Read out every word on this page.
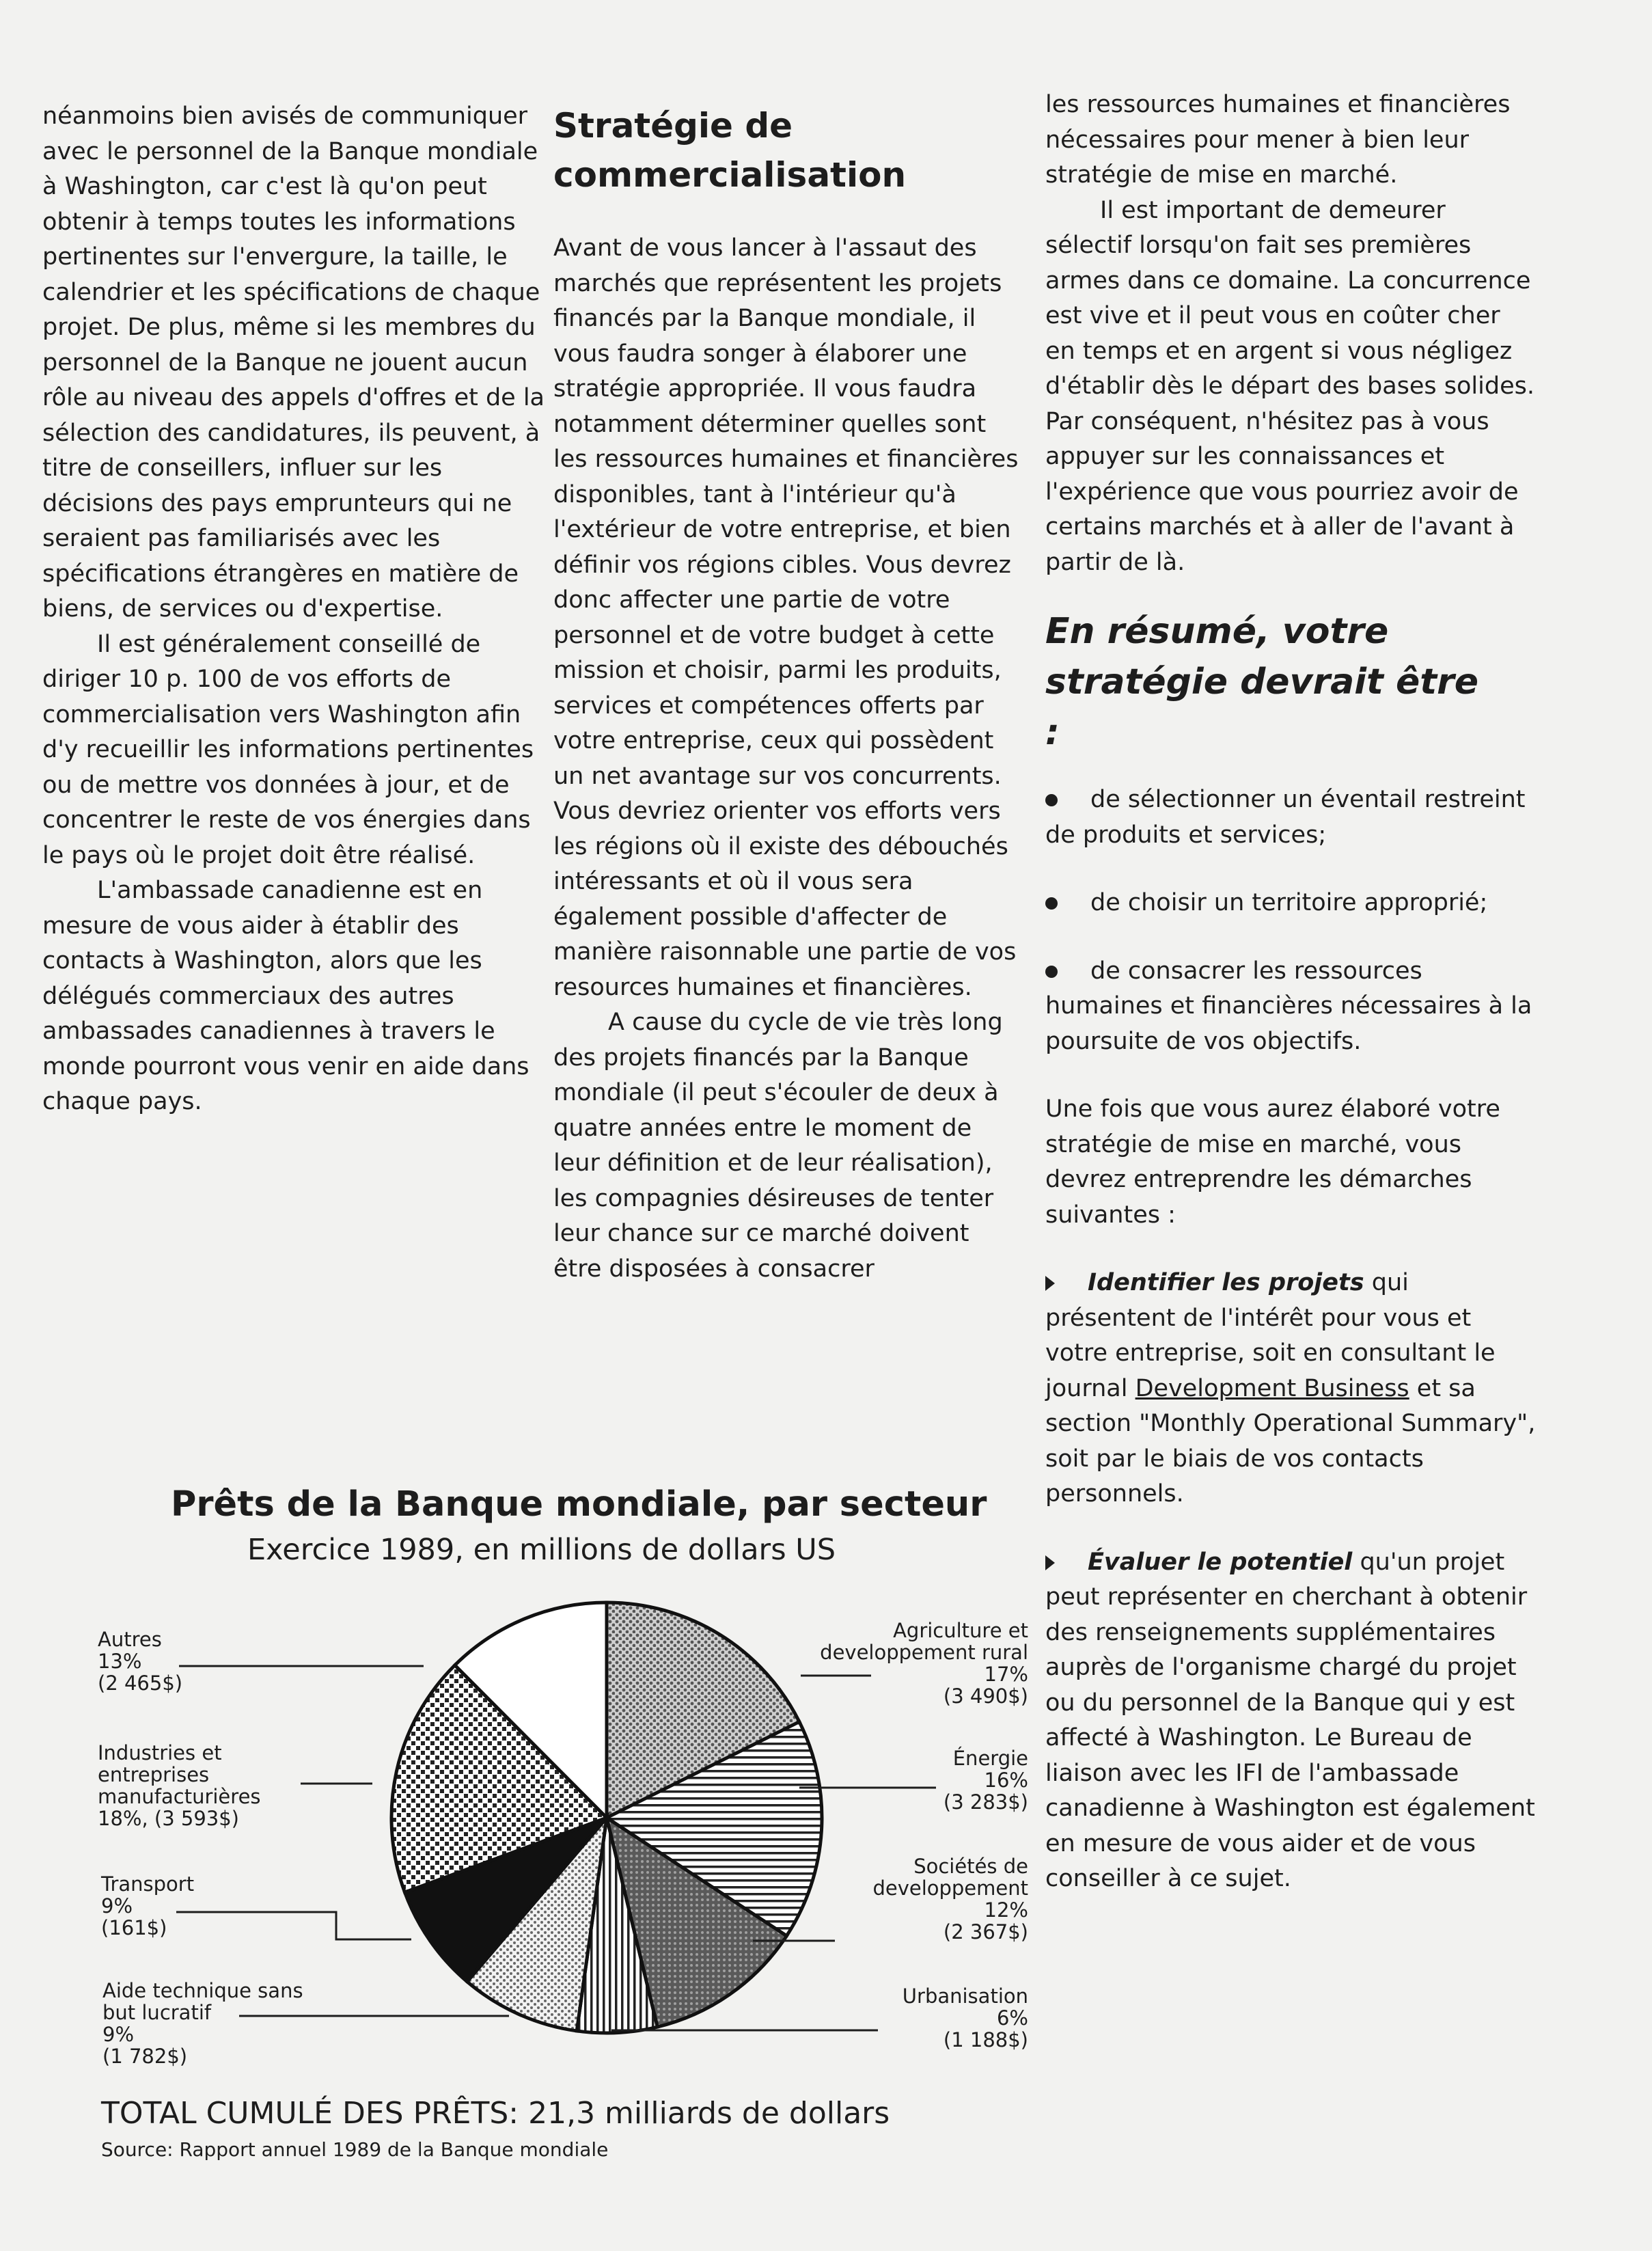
néanmoins bien avisés de communiquer avec le personnel de la Banque mondiale à Washington, car c'est là qu'on peut obtenir à temps toutes les informations pertinentes sur l'envergure, la taille, le calendrier et les spécifications de chaque projet. De plus, même si les membres du personnel de la Banque ne jouent aucun rôle au niveau des appels d'offres et de la sélection des candidatures, ils peuvent, à titre de conseillers, influer sur les décisions des pays emprunteurs qui ne seraient pas familiarisés avec les spécifications étrangères en matière de biens, de services ou d'expertise.

Il est généralement conseillé de diriger 10 p. 100 de vos efforts de commercialisation vers Washington afin d'y recueillir les informations pertinentes ou de mettre vos données à jour, et de concentrer le reste de vos énergies dans le pays où le projet doit être réalisé.

L'ambassade canadienne est en mesure de vous aider à établir des contacts à Washington, alors que les délégués commerciaux des autres ambassades canadiennes à travers le monde pourront vous venir en aide dans chaque pays.

Stratégie de commercialisation

Avant de vous lancer à l'assaut des marchés que représentent les projets financés par la Banque mondiale, il vous faudra songer à élaborer une stratégie appropriée. Il vous faudra notamment déterminer quelles sont les ressources humaines et financières disponibles, tant à l'intérieur qu'à l'extérieur de votre entreprise, et bien définir vos régions cibles. Vous devrez donc affecter une partie de votre personnel et de votre budget à cette mission et choisir, parmi les produits, services et compétences offerts par votre entreprise, ceux qui possèdent un net avantage sur vos concurrents. Vous devriez orienter vos efforts vers les régions où il existe des débouchés intéressants et où il vous sera également possible d'affecter de manière raisonnable une partie de vos resources humaines et financières.

A cause du cycle de vie très long des projets financés par la Banque mondiale (il peut s'écouler de deux à quatre années entre le moment de leur définition et de leur réalisation), les compagnies désireuses de tenter leur chance sur ce marché doivent être disposées à consacrer

les ressources humaines et financières nécessaires pour mener à bien leur stratégie de mise en marché.

Il est important de demeurer sélectif lorsqu'on fait ses premières armes dans ce domaine. La concurrence est vive et il peut vous en coûter cher en temps et en argent si vous négligez d'établir dès le départ des bases solides. Par conséquent, n'hésitez pas à vous appuyer sur les connaissances et l'expérience que vous pourriez avoir de certains marchés et à aller de l'avant à partir de là.

En résumé, votre stratégie devrait être :

de sélectionner un éventail restreint de produits et services;

de choisir un territoire approprié;

de consacrer les ressources humaines et financières nécessaires à la poursuite de vos objectifs.

Une fois que vous aurez élaboré votre stratégie de mise en marché, vous devrez entreprendre les démarches suivantes :

Identifier les projets qui présentent de l'intérêt pour vous et votre entreprise, soit en consultant le journal Development Business et sa section "Monthly Operational Summary", soit par le biais de vos contacts personnels.

Évaluer le potentiel qu'un projet peut représenter en cherchant à obtenir des renseignements supplémentaires auprès de l'organisme chargé du projet ou du personnel de la Banque qui y est affecté à Washington. Le Bureau de liaison avec les IFI de l'ambassade canadienne à Washington est également en mesure de vous aider et de vous conseiller à ce sujet.

Prêts de la Banque mondiale, par secteur
Exercice 1989, en millions de dollars US
Autres
13%
(2 465$)
Industries et
entreprises
manufacturières
18%, (3 593$)
Transport
9%
(161$)
Aide technique sans
but lucratif
9%
(1 782$)
Agriculture et
developpement rural
17%
(3 490$)
Énergie
16%
(3 283$)
Sociétés de
developpement
12%
(2 367$)
Urbanisation
6%
(1 188$)
TOTAL CUMULÉ DES PRÊTS: 21,3 milliards de dollars
Source: Rapport annuel 1989 de la Banque mondiale
